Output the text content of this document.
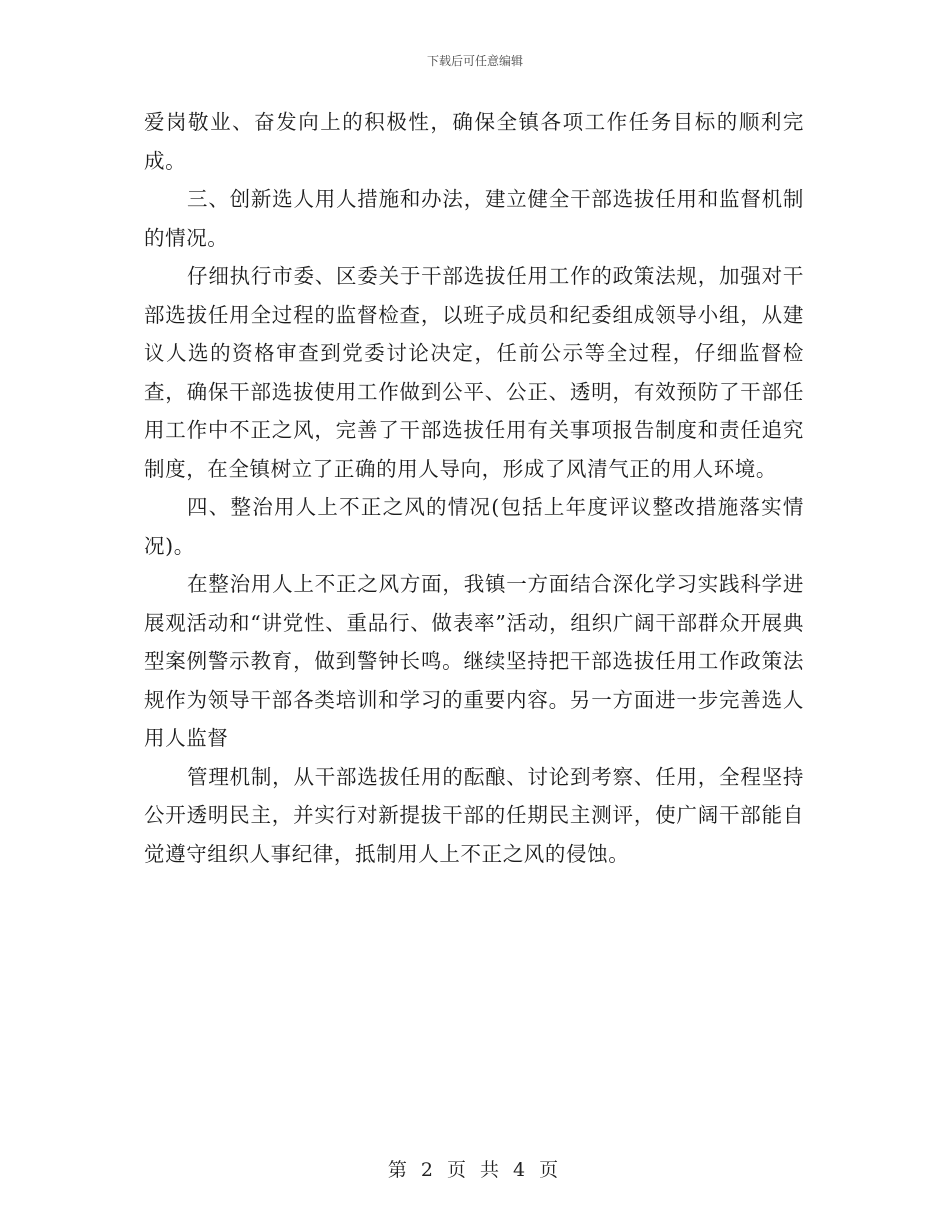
下载后可任意编辑

爱岗敬业、奋发向上的积极性，确保全镇各项工作任务目标的顺利完成。

三、创新选人用人措施和办法，建立健全干部选拔任用和监督机制的情况。

仔细执行市委、区委关于干部选拔任用工作的政策法规，加强对干部选拔任用全过程的监督检查，以班子成员和纪委组成领导小组，从建议人选的资格审查到党委讨论决定，任前公示等全过程，仔细监督检查，确保干部选拔使用工作做到公平、公正、透明，有效预防了干部任用工作中不正之风，完善了干部选拔任用有关事项报告制度和责任追究制度，在全镇树立了正确的用人导向，形成了风清气正的用人环境。

四、整治用人上不正之风的情况(包括上年度评议整改措施落实情况)。

在整治用人上不正之风方面，我镇一方面结合深化学习实践科学进展观活动和“讲党性、重品行、做表率”活动，组织广阔干部群众开展典型案例警示教育，做到警钟长鸣。继续坚持把干部选拔任用工作政策法规作为领导干部各类培训和学习的重要内容。另一方面进一步完善选人用人监督

管理机制，从干部选拔任用的酝酿、讨论到考察、任用，全程坚持公开透明民主，并实行对新提拔干部的任期民主测评，使广阔干部能自觉遵守组织人事纪律，抵制用人上不正之风的侵蚀。

第 2 页 共 4 页
